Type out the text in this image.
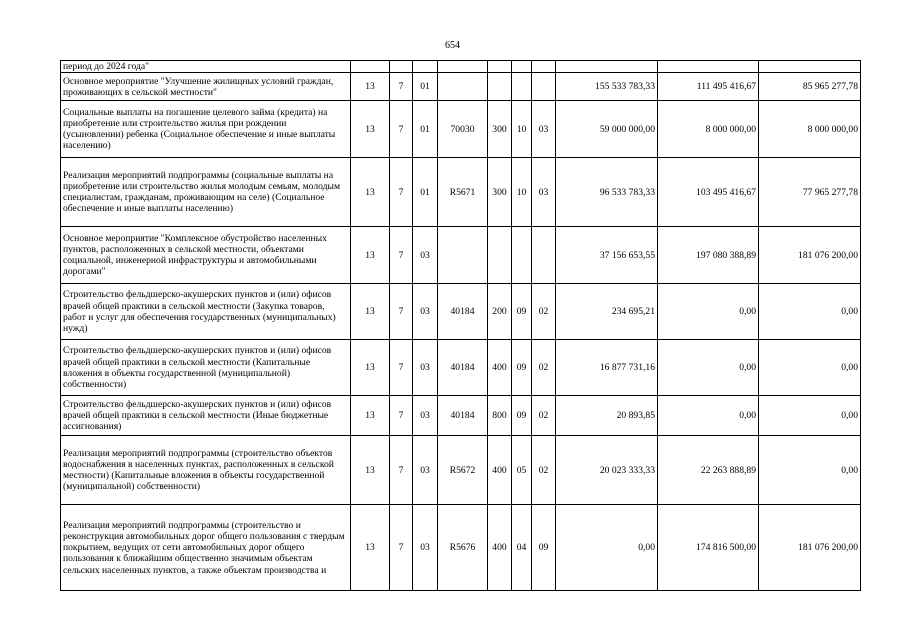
654
период до 2024 года"										
Основное мероприятие "Улучшение жилищных условий граждан, проживающих в сельской местности"	13	7	01					155 533 783,33	111 495 416,67	85 965 277,78
Социальные выплаты на погашение целевого займа (кредита) на приобретение или строительство жилья при рождении (усыновлении) ребенка (Социальное обеспечение и иные выплаты населению)	13	7	01	70030	300	10	03	59 000 000,00	8 000 000,00	8 000 000,00
Реализация мероприятий подпрограммы (социальные выплаты на приобретение или строительство жилья молодым семьям, молодым специалистам, гражданам, проживающим на селе) (Социальное обеспечение и иные выплаты населению)	13	7	01	R5671	300	10	03	96 533 783,33	103 495 416,67	77 965 277,78
Основное мероприятие "Комплексное обустройство населенных пунктов, расположенных в сельской местности, объектами социальной, инженерной инфраструктуры и автомобильными дорогами"	13	7	03					37 156 653,55	197 080 388,89	181 076 200,00
Строительство фельдшерско-акушерских пунктов и (или) офисов врачей общей практики в сельской местности (Закупка товаров, работ и услуг для обеспечения государственных (муниципальных) нужд)	13	7	03	40184	200	09	02	234 695,21	0,00	0,00
Строительство фельдшерско-акушерских пунктов и (или) офисов врачей общей практики в сельской местности (Капитальные вложения в объекты государственной (муниципальной) собственности)	13	7	03	40184	400	09	02	16 877 731,16	0,00	0,00
Строительство фельдшерско-акушерских пунктов и (или) офисов врачей общей практики в сельской местности (Иные бюджетные ассигнования)	13	7	03	40184	800	09	02	20 893,85	0,00	0,00
Реализация мероприятий подпрограммы (строительство объектов водоснабжения в населенных пунктах, расположенных в сельской местности) (Капитальные вложения в объекты государственной (муниципальной) собственности)	13	7	03	R5672	400	05	02	20 023 333,33	22 263 888,89	0,00
Реализация мероприятий подпрограммы (строительство и реконструкция автомобильных дорог общего пользования с твердым покрытием, ведущих от сети автомобильных дорог общего пользования к ближайшим общественно значимым объектам сельских населенных пунктов, а также объектам производства и	13	7	03	R5676	400	04	09	0,00	174 816 500,00	181 076 200,00
